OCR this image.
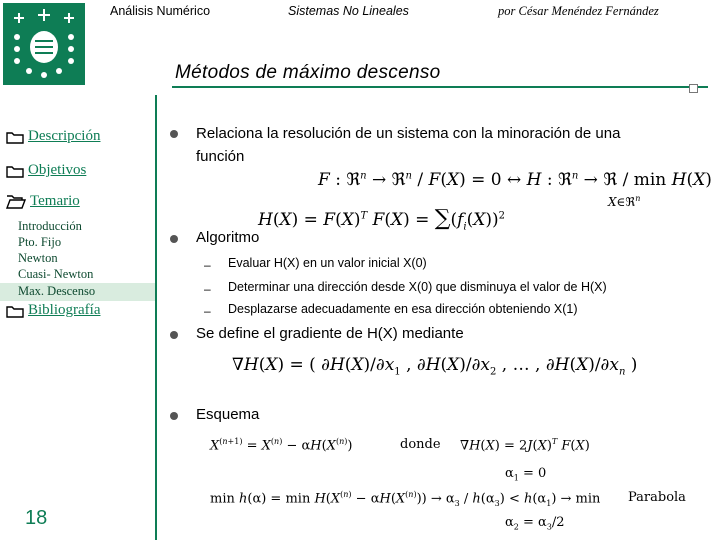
Análisis Numérico	Sistemas No Lineales	por César Menéndez Fernández
Métodos de máximo descenso
Descripción
Objetivos
Temario
Introducción
Pto. Fijo
Newton
Cuasi- Newton
Max. Descenso
Bibliografía
18
Relaciona la resolución de un sistema con la minoración de una
función
F : ℜ$^n$ → ℜ$^n$ / F(X) = 0 ↔ H : ℜ$^n$ → ℜ / min H(X)
X∈ℜ$^n$
$H(X) = F(X)^T$ $F(X) = \sum(f_i(X))^2$
Algoritmo
– Evaluar H(X) en un valor inicial X(0)
– Determinar una dirección desde X(0) que disminuya el valor de H(X)
– Desplazarse adecuadamente en esa dirección obteniendo X(1)
Se define el gradiente de H(X) mediante
∇H(X) = ( $\partial H(X)/\partial x_1$ , $\partial H(X)/\partial x_2$ , … , $\partial H(X)/\partial x_n$ )
Esquema
$X^{(n+1)} = X^{(n)} - \alpha H(X^{(n)})$	donde $\nabla H(X) = 2J(X)^T$ F(X)
$\alpha_1 = 0$
$\min h(\alpha) = \min H(X^{(n)} - \alpha H(X^{(n)})) \to \alpha_3 / h(\alpha_3) < h(\alpha_1) \to \min$ Parabola
$\alpha_2 = \alpha_3/2$
